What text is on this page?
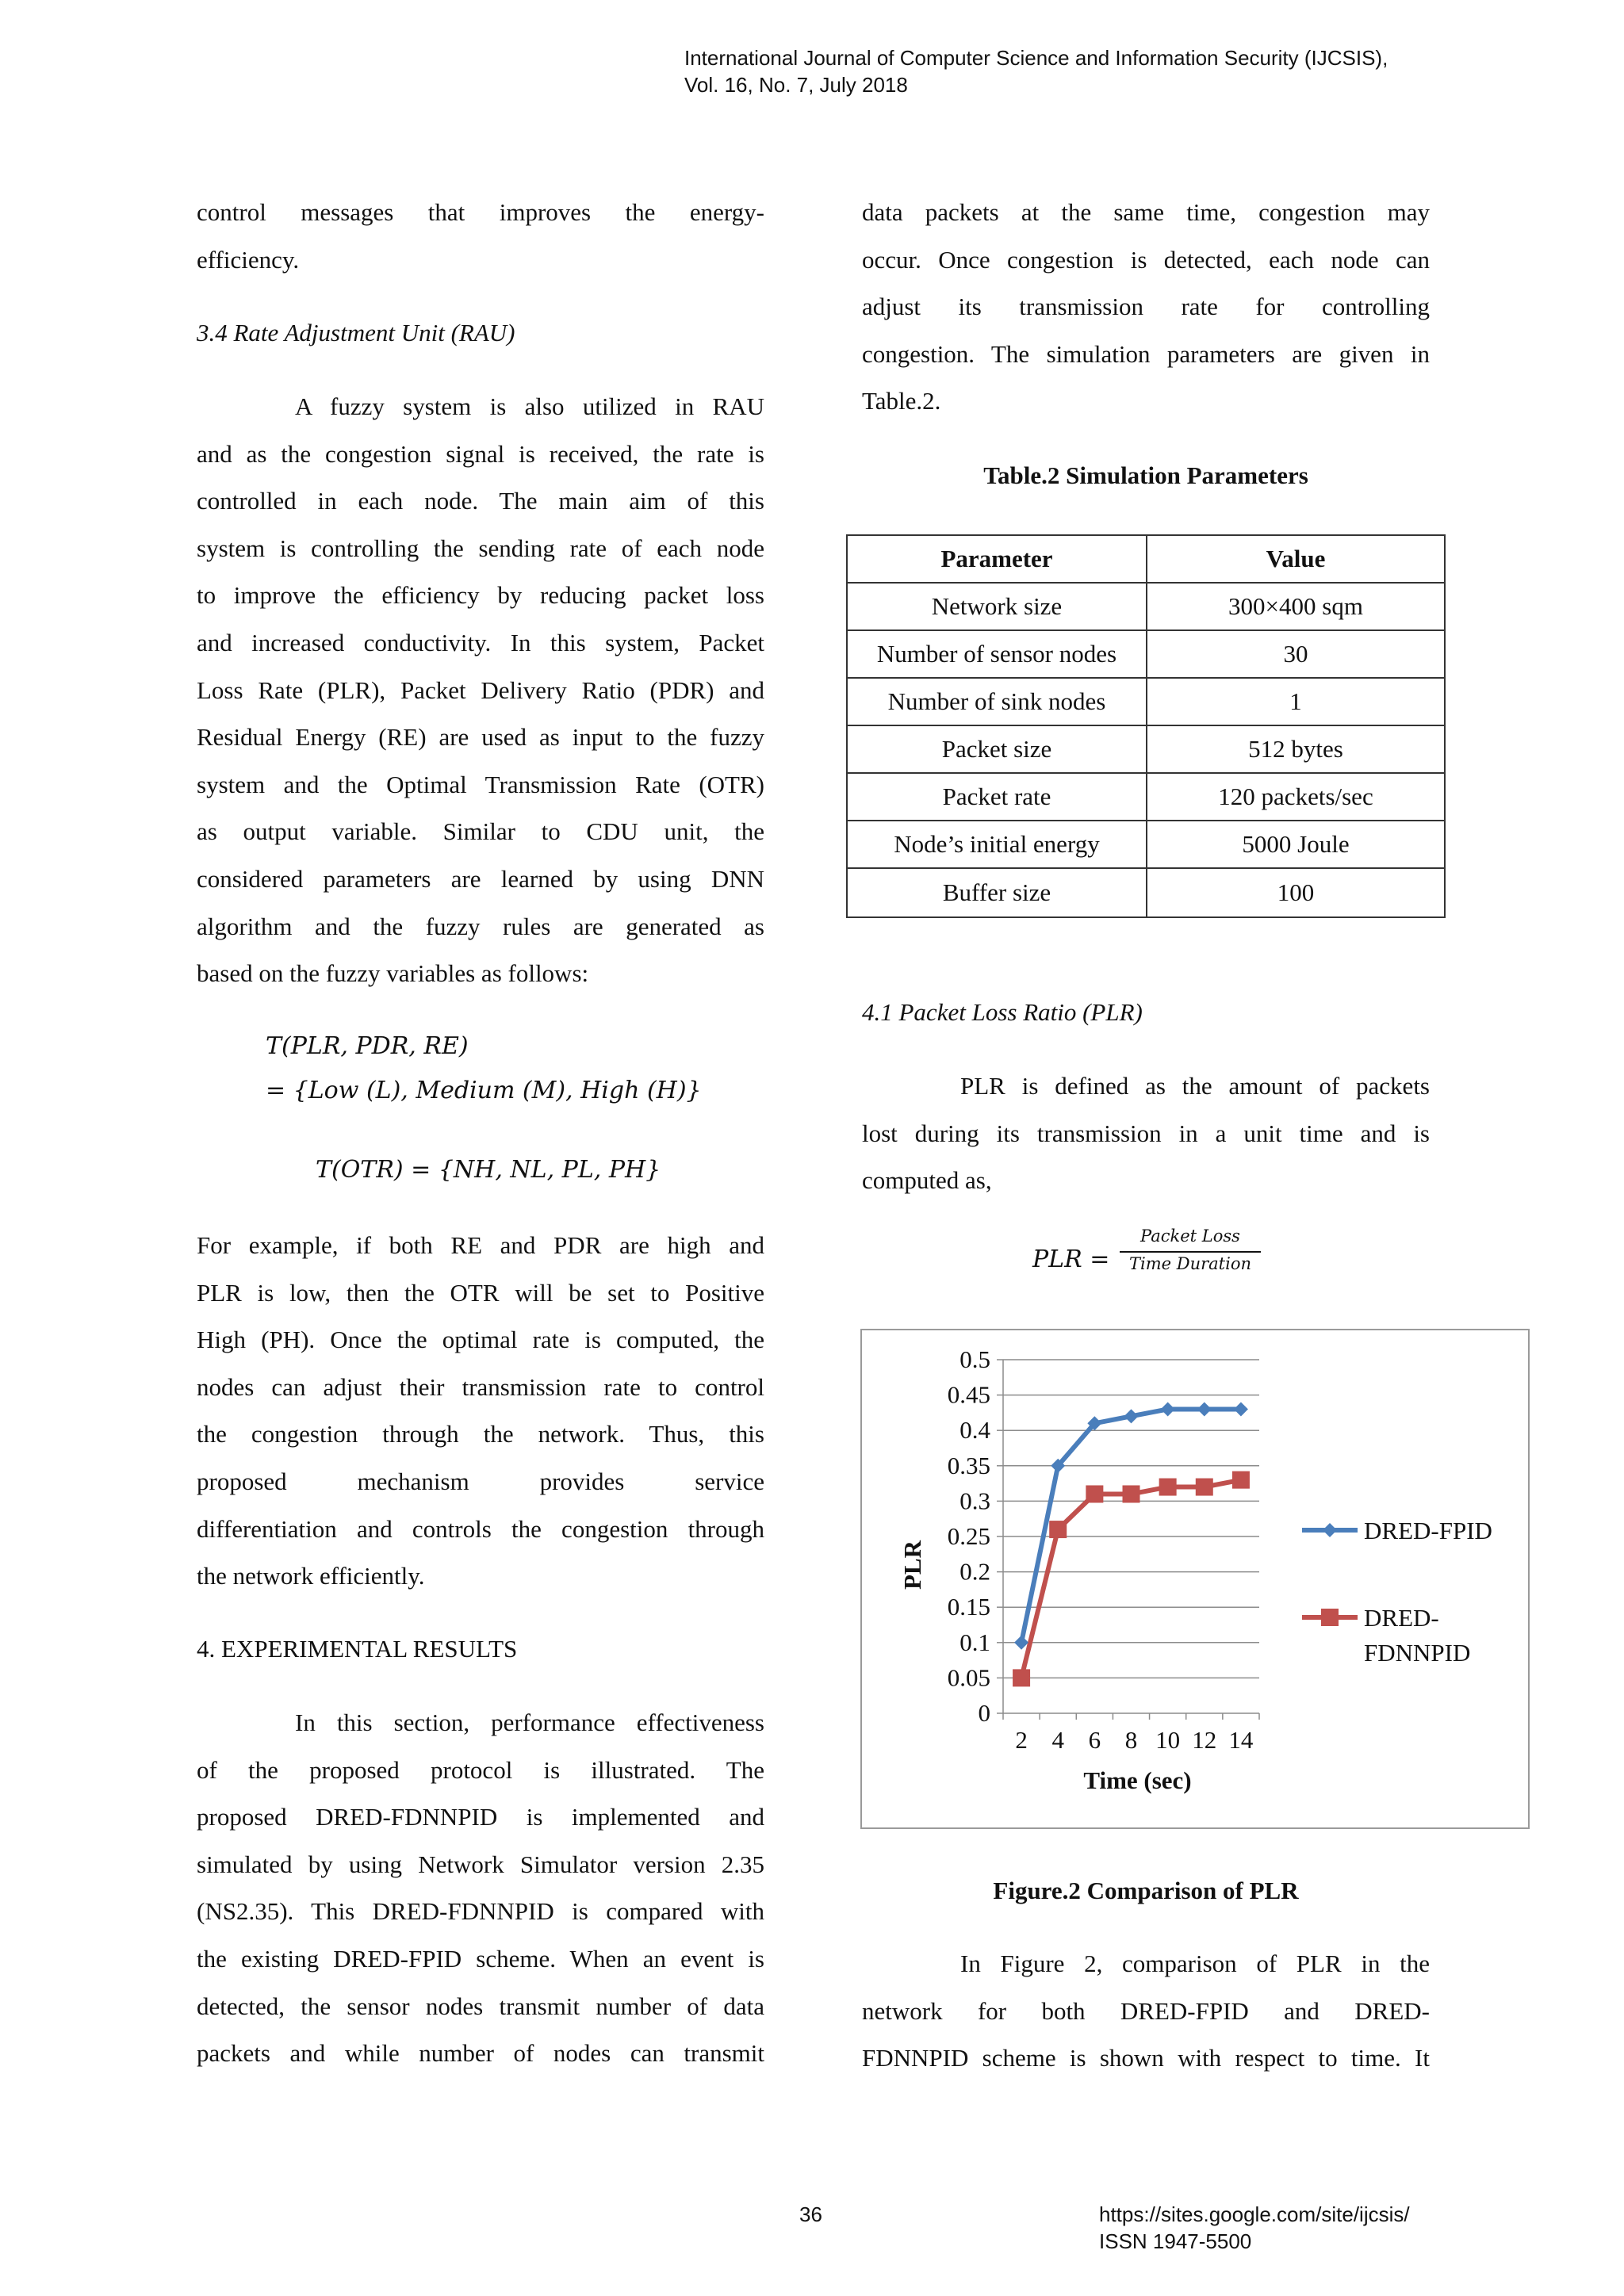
International Journal of Computer Science and Information Security (IJCSIS),
Vol. 16, No. 7, July 2018

control messages that improves the energy-

efficiency.

3.4 Rate Adjustment Unit (RAU)

A fuzzy system is also utilized in RAU

and as the congestion signal is received, the rate is

controlled in each node. The main aim of this

system is controlling the sending rate of each node

to improve the efficiency by reducing packet loss

and increased conductivity. In this system, Packet

Loss Rate (PLR), Packet Delivery Ratio (PDR) and

Residual Energy (RE) are used as input to the fuzzy

system and the Optimal Transmission Rate (OTR)

as output variable. Similar to CDU unit, the

considered parameters are learned by using DNN

algorithm and the fuzzy rules are generated as

based on the fuzzy variables as follows:

T(PLR, PDR, RE)
= {Low (L), Medium (M), High (H)}
T(OTR) = {NH, NL, PL, PH}

For example, if both RE and PDR are high and

PLR is low, then the OTR will be set to Positive

High (PH). Once the optimal rate is computed, the

nodes can adjust their transmission rate to control

the congestion through the network. Thus, this

proposed mechanism provides service

differentiation and controls the congestion through

the network efficiently.

4. EXPERIMENTAL RESULTS

In this section, performance effectiveness

of the proposed protocol is illustrated. The

proposed DRED-FDNNPID is implemented and

simulated by using Network Simulator version 2.35

(NS2.35). This DRED-FDNNPID is compared with

the existing DRED-FPID scheme. When an event is

detected, the sensor nodes transmit number of data

packets and while number of nodes can transmit

data packets at the same time, congestion may

occur. Once congestion is detected, each node can

adjust its transmission rate for controlling

congestion. The simulation parameters are given in

Table.2.

Table.2 Simulation Parameters
Parameter	Value
Network size	300×400 sqm
Number of sensor nodes	30
Number of sink nodes	1
Packet size	512 bytes
Packet rate	120 packets/sec
Node’s initial energy	5000 Joule
Buffer size	100
4.1 Packet Loss Ratio (PLR)

PLR is defined as the amount of packets

lost during its transmission in a unit time and is

computed as,

PLR =
Packet Loss
Time Duration
0
0.05
0.1
0.15
0.2
0.25
0.3
0.35
0.4
0.45
0.5
2 4 6 8 10 12 14
Time (sec)
PLR
DRED-FPID
DRED-
FDNNPID
Figure.2 Comparison of PLR

In Figure 2, comparison of PLR in the

network for both DRED-FPID and DRED-

FDNNPID scheme is shown with respect to time. It

36	https://sites.google.com/site/ijcsis/
ISSN 1947-5500
